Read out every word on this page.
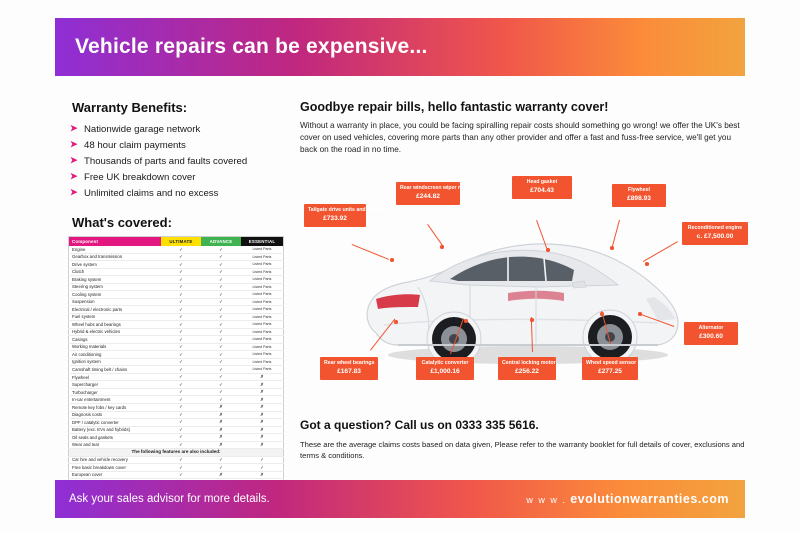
Vehicle repairs can be expensive...
Warranty Benefits:
➤ Nationwide garage network
➤ 48 hour claim payments
➤ Thousands of parts and faults covered
➤ Free UK breakdown cover
➤ Unlimited claims and no excess
What's covered:
Component	ULTIMATE	ADVANCE	ESSENTIAL
Engine	✓	✓	Listed Parts
Gearbox and transmission	✓	✓	Listed Parts
Drive system	✓	✓	Listed Parts
Clutch	✓	✓	Listed Parts
Braking system	✓	✓	Listed Parts
Steering system	✓	✓	Listed Parts
Cooling system	✓	✓	Listed Parts
Suspension	✓	✓	Listed Parts
Electrical / electronic parts	✓	✓	Listed Parts
Fuel system	✓	✓	Listed Parts
Wheel hubs and bearings	✓	✓	Listed Parts
Hybrid & electric vehicles	✓	✓	Listed Parts
Casings	✓	✓	Listed Parts
Working materials	✓	✓	Listed Parts
Air conditioning	✓	✓	Listed Parts
Ignition system	✓	✓	Listed Parts
Camshaft timing belt / chains	✓	✓	Listed Parts
Flywheel	✓	✓	✗
Supercharger	✓	✓	✗
Turbocharger	✓	✓	✗
In-car entertainment	✓	✓	✗
Remote key fobs / key cards	✓	✗	✗
Diagnosis costs	✓	✗	✗
DPF / catalytic converter	✓	✗	✗
Battery (exc. EVs and hybrids)	✓	✗	✗
Oil seals and gaskets	✓	✗	✗
Wear and tear	✓	✗	✗
The following features are also included:			
Car hire and vehicle recovery	✓	✓	✓
Free basic breakdown cover	✓	✓	✓
European cover	✓	✗	✗

Goodbye repair bills, hello fantastic warranty cover!

Without a warranty in place, you could be facing spiralling repair costs should something go wrong! we offer the UK's best cover on used vehicles, covering more parts than any other provider and offer a fast and fuss-free service, we'll get you back on the road in no time.

Tailgate drive units and dampers
£733.92
Rear windscreen wiper motor
£244.82
Head gasket
£704.43	Flywheel
£898.93
Reconditioned engine
c. £7,500.00
Alternator
£300.60
Wheel speed sensor
£277.25
Central locking motor
£256.22
Catalytic converter
£1,000.16
Rear wheel bearings
£167.83
Got a question? Call us on 0333 335 5616.

These are the average claims costs based on data given, Please refer to the warranty booklet for full details of cover, exclusions and terms & conditions.

Ask your sales advisor for more details.	w w w . evolutionwarranties.com
